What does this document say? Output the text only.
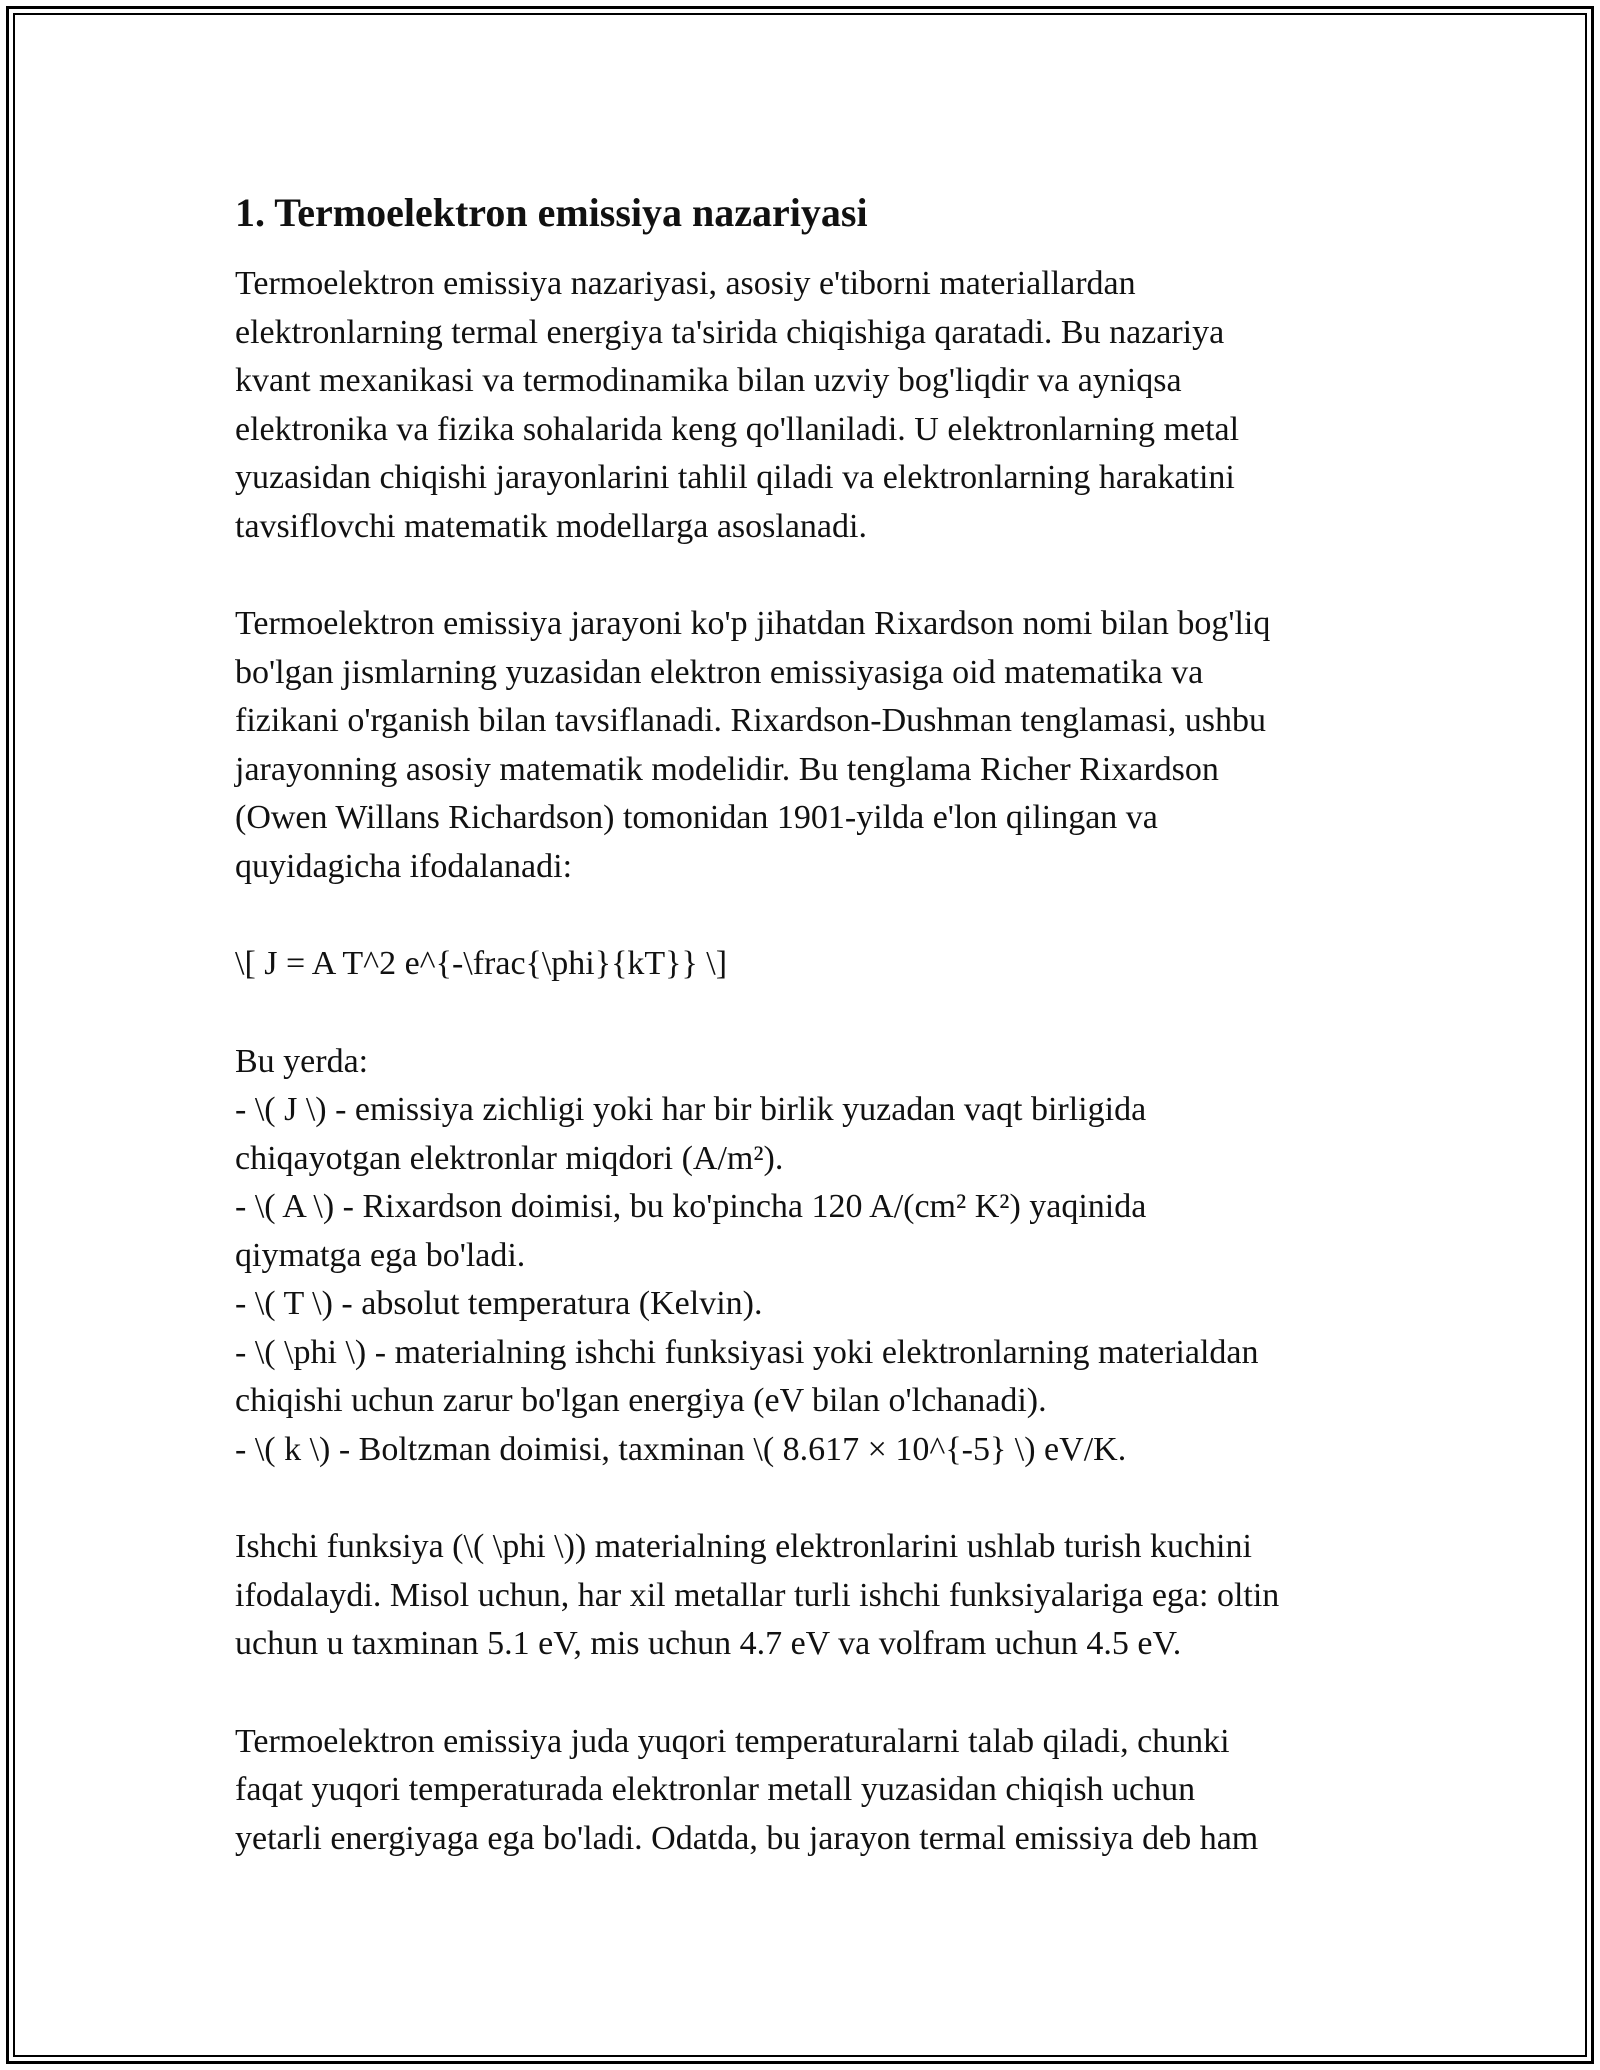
1. Termoelektron emissiya nazariyasi

Termoelektron emissiya nazariyasi, asosiy e'tiborni materiallardan
elektronlarning termal energiya ta'sirida chiqishiga qaratadi. Bu nazariya
kvant mexanikasi va termodinamika bilan uzviy bog'liqdir va ayniqsa
elektronika va fizika sohalarida keng qo'llaniladi. U elektronlarning metal
yuzasidan chiqishi jarayonlarini tahlil qiladi va elektronlarning harakatini
tavsiflovchi matematik modellarga asoslanadi.

Termoelektron emissiya jarayoni ko'p jihatdan Rixardson nomi bilan bog'liq
bo'lgan jismlarning yuzasidan elektron emissiyasiga oid matematika va
fizikani o'rganish bilan tavsiflanadi. Rixardson-Dushman tenglamasi, ushbu
jarayonning asosiy matematik modelidir. Bu tenglama Richer Rixardson
(Owen Willans Richardson) tomonidan 1901-yilda e'lon qilingan va
quyidagicha ifodalanadi:

\[ J = A T^2 e^{-\frac{\phi}{kT}} \]

Bu yerda:
- \( J \) - emissiya zichligi yoki har bir birlik yuzadan vaqt birligida
chiqayotgan elektronlar miqdori (A/m²).
- \( A \) - Rixardson doimisi, bu ko'pincha 120 A/(cm² K²) yaqinida
qiymatga ega bo'ladi.
- \( T \) - absolut temperatura (Kelvin).
- \( \phi \) - materialning ishchi funksiyasi yoki elektronlarning materialdan
chiqishi uchun zarur bo'lgan energiya (eV bilan o'lchanadi).
- \( k \) - Boltzman doimisi, taxminan \( 8.617 × 10^{-5} \) eV/K.

Ishchi funksiya (\( \phi \)) materialning elektronlarini ushlab turish kuchini
ifodalaydi. Misol uchun, har xil metallar turli ishchi funksiyalariga ega: oltin
uchun u taxminan 5.1 eV, mis uchun 4.7 eV va volfram uchun 4.5 eV.

Termoelektron emissiya juda yuqori temperaturalarni talab qiladi, chunki
faqat yuqori temperaturada elektronlar metall yuzasidan chiqish uchun
yetarli energiyaga ega bo'ladi. Odatda, bu jarayon termal emissiya deb ham
